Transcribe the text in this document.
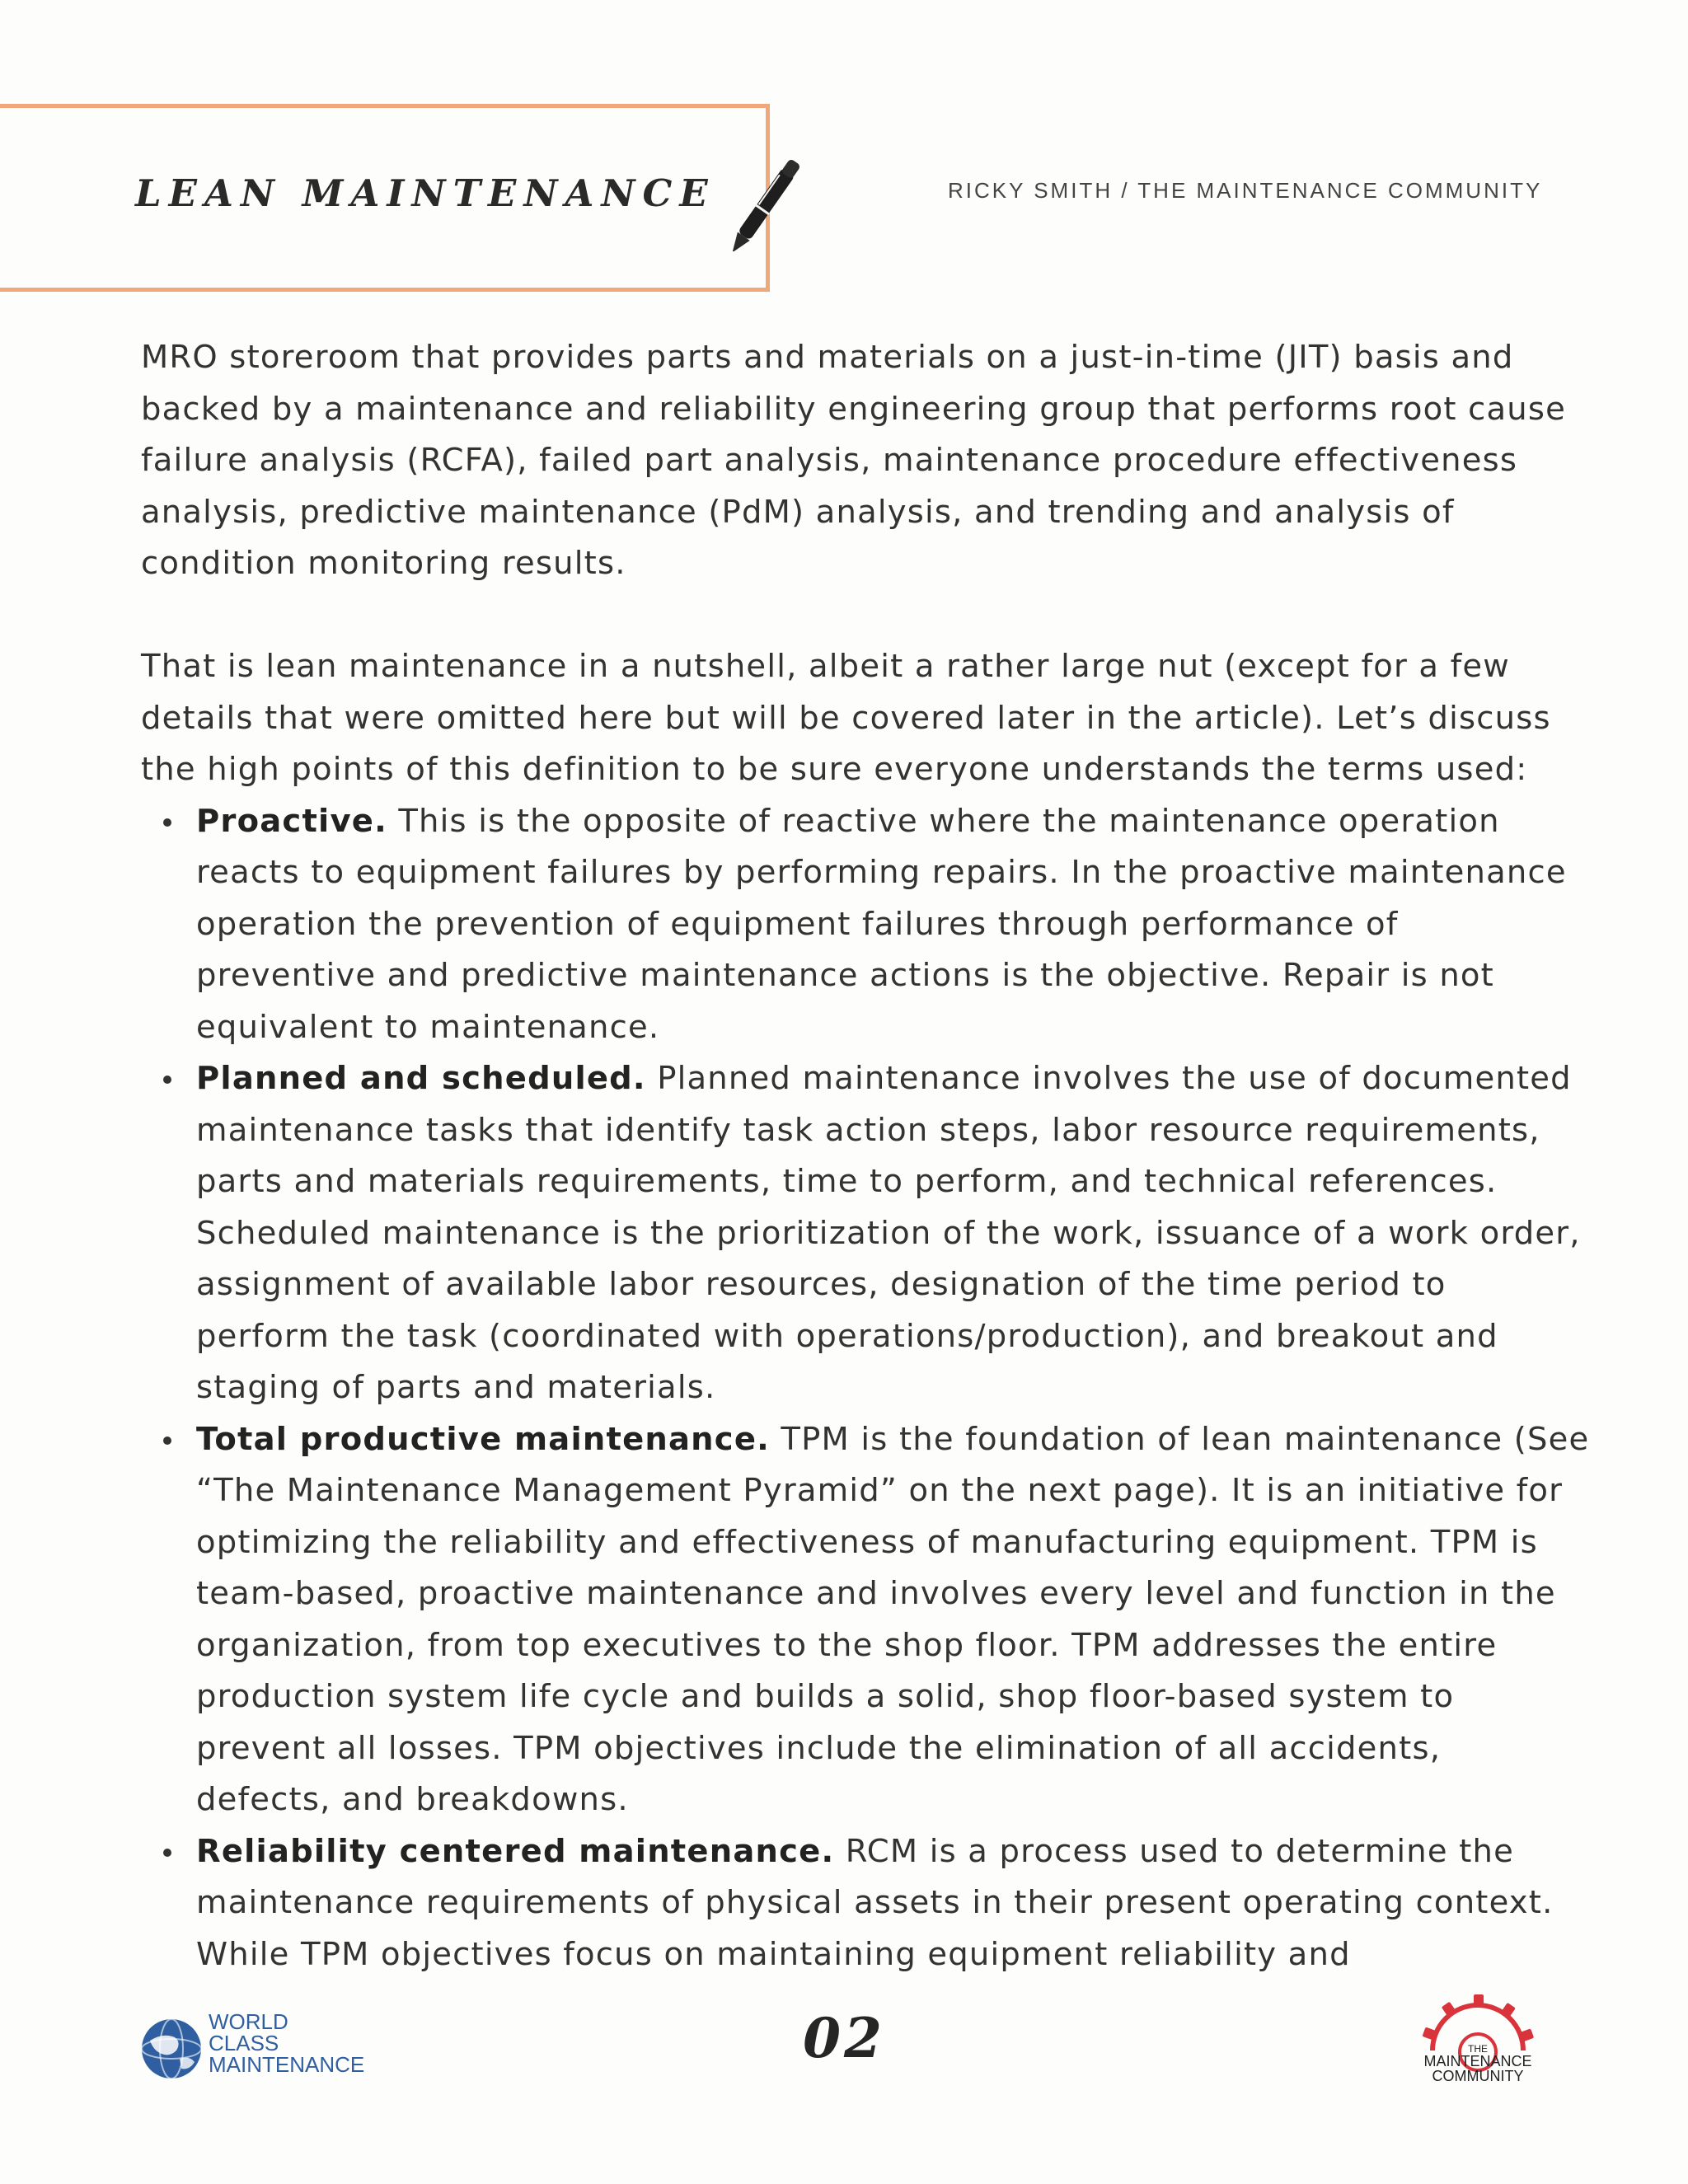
LEAN MAINTENANCE	RICKY SMITH / THE MAINTENANCE COMMUNITY

MRO storeroom that provides parts and materials on a just-in-time (JIT) basis and
backed by a maintenance and reliability engineering group that performs root cause
failure analysis (RCFA), failed part analysis, maintenance procedure effectiveness
analysis, predictive maintenance (PdM) analysis, and trending and analysis of
condition monitoring results.

That is lean maintenance in a nutshell, albeit a rather large nut (except for a few
details that were omitted here but will be covered later in the article). Let’s discuss
the high points of this definition to be sure everyone understands the terms used:

Proactive. This is the opposite of reactive where the maintenance operation
reacts to equipment failures by performing repairs. In the proactive maintenance
operation the prevention of equipment failures through performance of
preventive and predictive maintenance actions is the objective. Repair is not
equivalent to maintenance.
Planned and scheduled. Planned maintenance involves the use of documented
maintenance tasks that identify task action steps, labor resource requirements,
parts and materials requirements, time to perform, and technical references.
Scheduled maintenance is the prioritization of the work, issuance of a work order,
assignment of available labor resources, designation of the time period to
perform the task (coordinated with operations/production), and breakout and
staging of parts and materials.
Total productive maintenance. TPM is the foundation of lean maintenance (See
“The Maintenance Management Pyramid” on the next page). It is an initiative for
optimizing the reliability and effectiveness of manufacturing equipment. TPM is
team-based, proactive maintenance and involves every level and function in the
organization, from top executives to the shop floor. TPM addresses the entire
production system life cycle and builds a solid, shop floor-based system to
prevent all losses. TPM objectives include the elimination of all accidents,
defects, and breakdowns.
Reliability centered maintenance. RCM is a process used to determine the
maintenance requirements of physical assets in their present operating context.
While TPM objectives focus on maintaining equipment reliability and
WORLD
CLASS
MAINTENANCE	02	THE
MAINTENANCE
COMMUNITY
